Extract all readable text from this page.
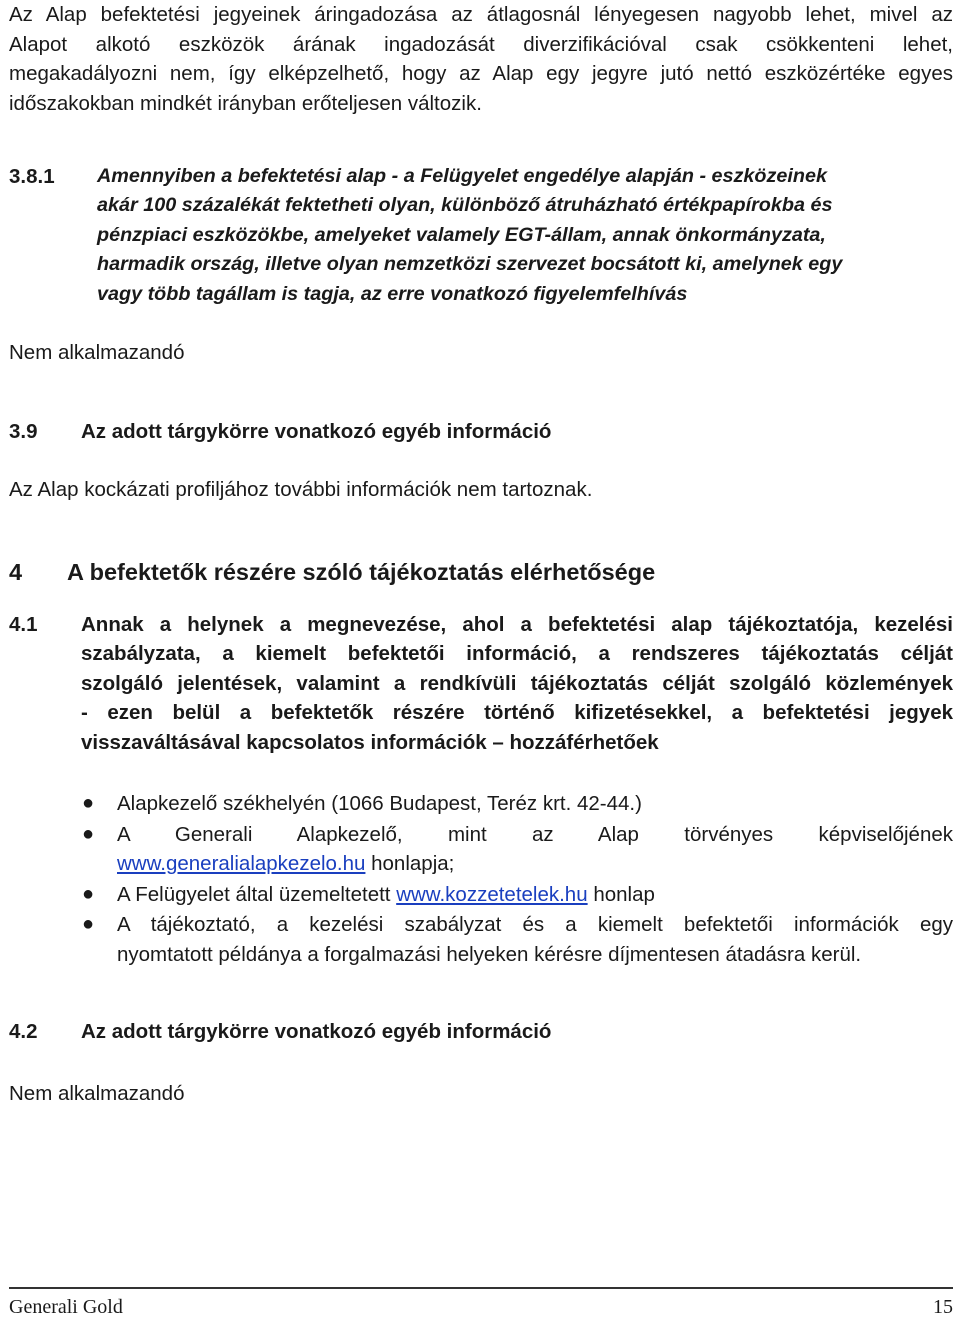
Az Alap befektetési jegyeinek áringadozása az átlagosnál lényegesen nagyobb lehet, mivel az

Alapot alkotó eszközök árának ingadozását diverzifikációval csak csökkenteni lehet,

megakadályozni nem, így elképzelhető, hogy az Alap egy jegyre jutó nettó eszközértéke egyes

időszakokban mindkét irányban erőteljesen változik.

3.8.1 Amennyiben a befektetési alap - a Felügyelet engedélye alapján - eszközeinek
akár 100 százalékát fektetheti olyan, különböző átruházható értékpapírokba és
pénzpiaci eszközökbe, amelyeket valamely EGT-állam, annak önkormányzata,
harmadik ország, illetve olyan nemzetközi szervezet bocsátott ki, amelynek egy
vagy több tagállam is tagja, az erre vonatkozó figyelemfelhívás

Nem alkalmazandó

3.9 Az adott tárgykörre vonatkozó egyéb információ

Az Alap kockázati profiljához további információk nem tartoznak.

4 A befektetők részére szóló tájékoztatás elérhetősége
4.1 Annak a helynek a megnevezése, ahol a befektetési alap tájékoztatója, kezelési
szabályzata, a kiemelt befektetői információ, a rendszeres tájékoztatás célját
szolgáló jelentések, valamint a rendkívüli tájékoztatás célját szolgáló közlemények
- ezen belül a befektetők részére történő kifizetésekkel, a befektetési jegyek
visszaváltásával kapcsolatos információk – hozzáférhetőek
● Alapkezelő székhelyén (1066 Budapest, Teréz krt. 42-44.)
● A Generali Alapkezelő, mint az Alap törvényes képviselőjének
www.generalialapkezelo.hu honlapja;
● A Felügyelet által üzemeltetett www.kozzetetelek.hu honlap
● A tájékoztató, a kezelési szabályzat és a kiemelt befektetői információk egy
nyomtatott példánya a forgalmazási helyeken kérésre díjmentesen átadásra kerül.
4.2 Az adott tárgykörre vonatkozó egyéb információ

Nem alkalmazandó

Generali Gold	15
